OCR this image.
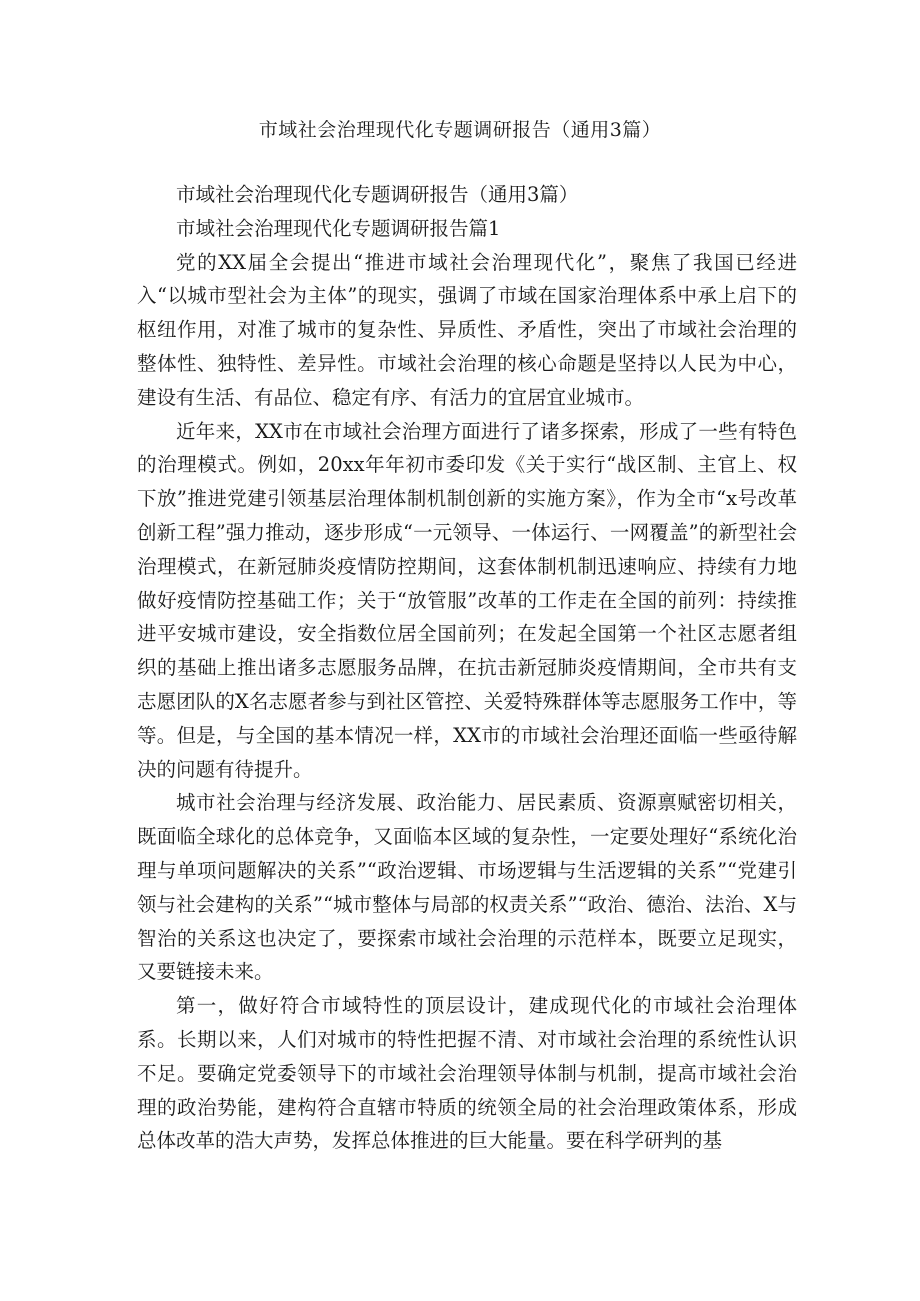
市域社会治理现代化专题调研报告（通用3篇）

市域社会治理现代化专题调研报告（通用3篇）

市域社会治理现代化专题调研报告篇1

党的XX届全会提出“推进市域社会治理现代化”，聚焦了我国已经进入“以城市型社会为主体”的现实，强调了市域在国家治理体系中承上启下的枢纽作用，对准了城市的复杂性、异质性、矛盾性，突出了市域社会治理的整体性、独特性、差异性。市域社会治理的核心命题是坚持以人民为中心，建设有生活、有品位、稳定有序、有活力的宜居宜业城市。

近年来，XX市在市域社会治理方面进行了诸多探索，形成了一些有特色的治理模式。例如，20xx年年初市委印发《关于实行“战区制、主官上、权下放”推进党建引领基层治理体制机制创新的实施方案》，作为全市“x号改革创新工程”强力推动，逐步形成“一元领导、一体运行、一网覆盖”的新型社会治理模式，在新冠肺炎疫情防控期间，这套体制机制迅速响应、持续有力地做好疫情防控基础工作；关于“放管服”改革的工作走在全国的前列：持续推进平安城市建设，安全指数位居全国前列；在发起全国第一个社区志愿者组织的基础上推出诸多志愿服务品牌，在抗击新冠肺炎疫情期间，全市共有支志愿团队的X名志愿者参与到社区管控、关爱特殊群体等志愿服务工作中，等等。但是，与全国的基本情况一样，XX市的市域社会治理还面临一些亟待解决的问题有待提升。

城市社会治理与经济发展、政治能力、居民素质、资源禀赋密切相关，既面临全球化的总体竞争，又面临本区域的复杂性，一定要处理好“系统化治理与单项问题解决的关系”“政治逻辑、市场逻辑与生活逻辑的关系”“党建引领与社会建构的关系”“城市整体与局部的权责关系”“政治、德治、法治、X与智治的关系这也决定了，要探索市域社会治理的示范样本，既要立足现实，又要链接未来。

第一，做好符合市域特性的顶层设计，建成现代化的市域社会治理体系。长期以来，人们对城市的特性把握不清、对市域社会治理的系统性认识不足。要确定党委领导下的市域社会治理领导体制与机制，提高市域社会治理的政治势能，建构符合直辖市特质的统领全局的社会治理政策体系，形成总体改革的浩大声势，发挥总体推进的巨大能量。要在科学研判的基
